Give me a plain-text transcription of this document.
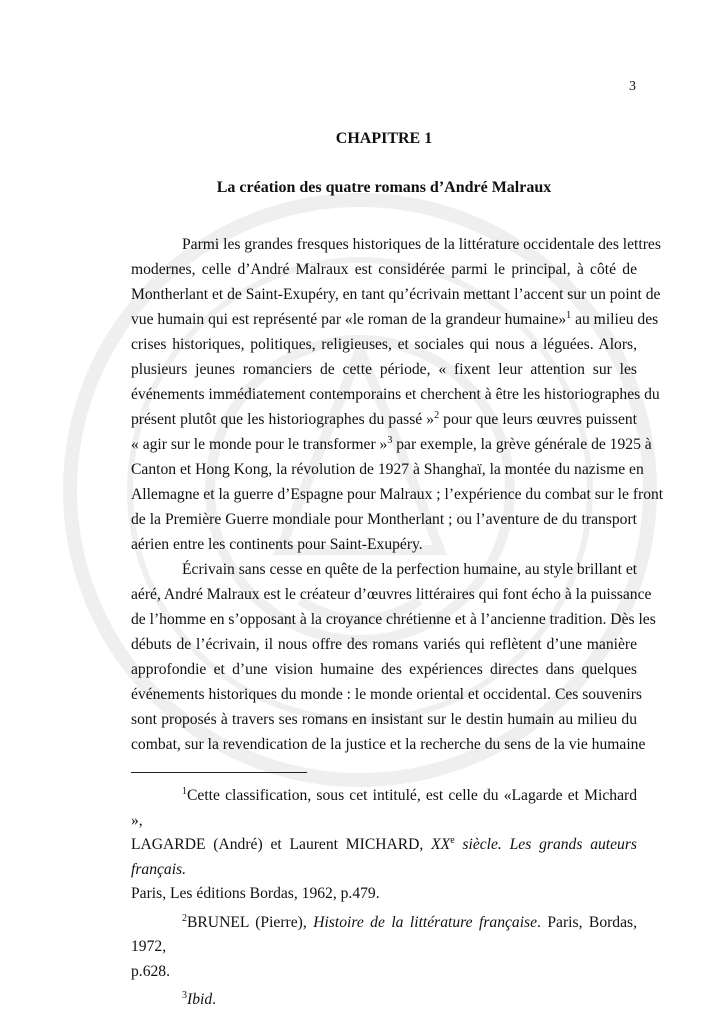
3
CHAPITRE 1
La création des quatre romans d’André Malraux
Parmi les grandes fresques historiques de la littérature occidentale des lettres
modernes, celle d’André Malraux est considérée parmi le principal, à côté de
Montherlant et de Saint-Exupéry, en tant qu’écrivain mettant l’accent sur un point de
vue humain qui est représenté par «le roman de la grandeur humaine»$^1$ au milieu des
crises historiques, politiques, religieuses, et sociales qui nous a léguées. Alors,
plusieurs jeunes romanciers de cette période, « fixent leur attention sur les
événements immédiatement contemporains et cherchent à être les historiographes du
présent plutôt que les historiographes du passé »$^2$ pour que leurs œuvres puissent
« agir sur le monde pour le transformer »$^3$ par exemple, la grève générale de 1925 à
Canton et Hong Kong, la révolution de 1927 à Shanghaï, la montée du nazisme en
Allemagne et la guerre d’Espagne pour Malraux ; l’expérience du combat sur le front
de la Première Guerre mondiale pour Montherlant ; ou l’aventure de du transport
aérien entre les continents pour Saint-Exupéry.
Écrivain sans cesse en quête de la perfection humaine, au style brillant et
aéré, André Malraux est le créateur d’œuvres littéraires qui font écho à la puissance
de l’homme en s’opposant à la croyance chrétienne et à l’ancienne tradition. Dès les
débuts de l’écrivain, il nous offre des romans variés qui reflètent d’une manière
approfondie et d’une vision humaine des expériences directes dans quelques
événements historiques du monde : le monde oriental et occidental. Ces souvenirs
sont proposés à travers ses romans en insistant sur le destin humain au milieu du
combat, sur la revendication de la justice et la recherche du sens de la vie humaine
$^1$Cette classification, sous cet intitulé, est celle du «Lagarde et Michard »,
LAGARDE (André) et Laurent MICHARD, XXe siècle. Les grands auteurs français.
Paris, Les éditions Bordas, 1962, p.479.
$^2$BRUNEL (Pierre), Histoire de la littérature française. Paris, Bordas, 1972,
p.628.
$^3$Ibid.
